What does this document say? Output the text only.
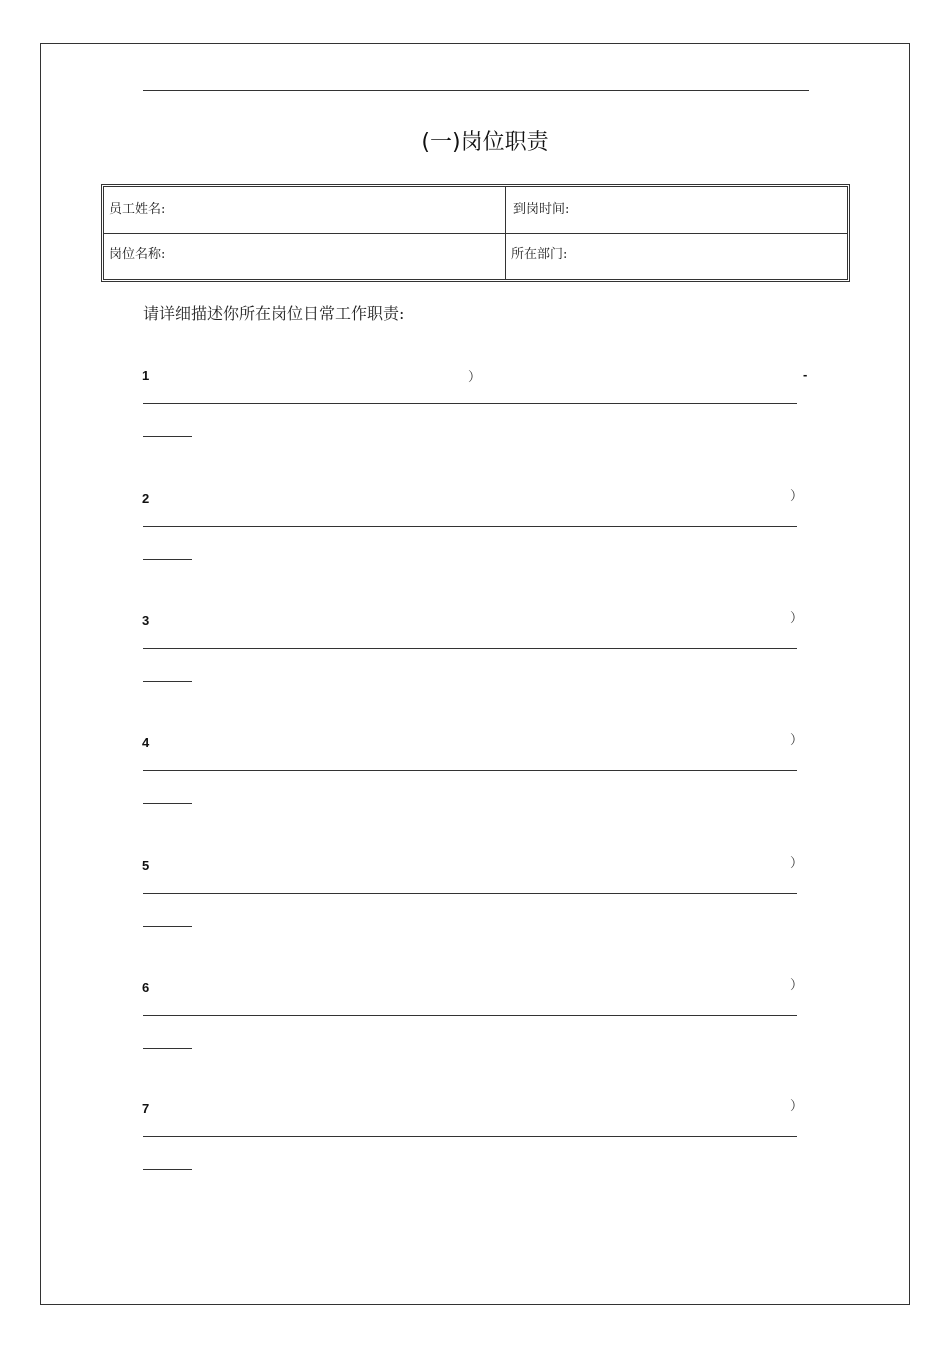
(一)岗位职责
员工姓名:	到岗时间:
岗位名称:	所在部门:
请详细描述你所在岗位日常工作职责:
1	）	-
2	）
3	）
4	）
5	）
6	）
7	）
